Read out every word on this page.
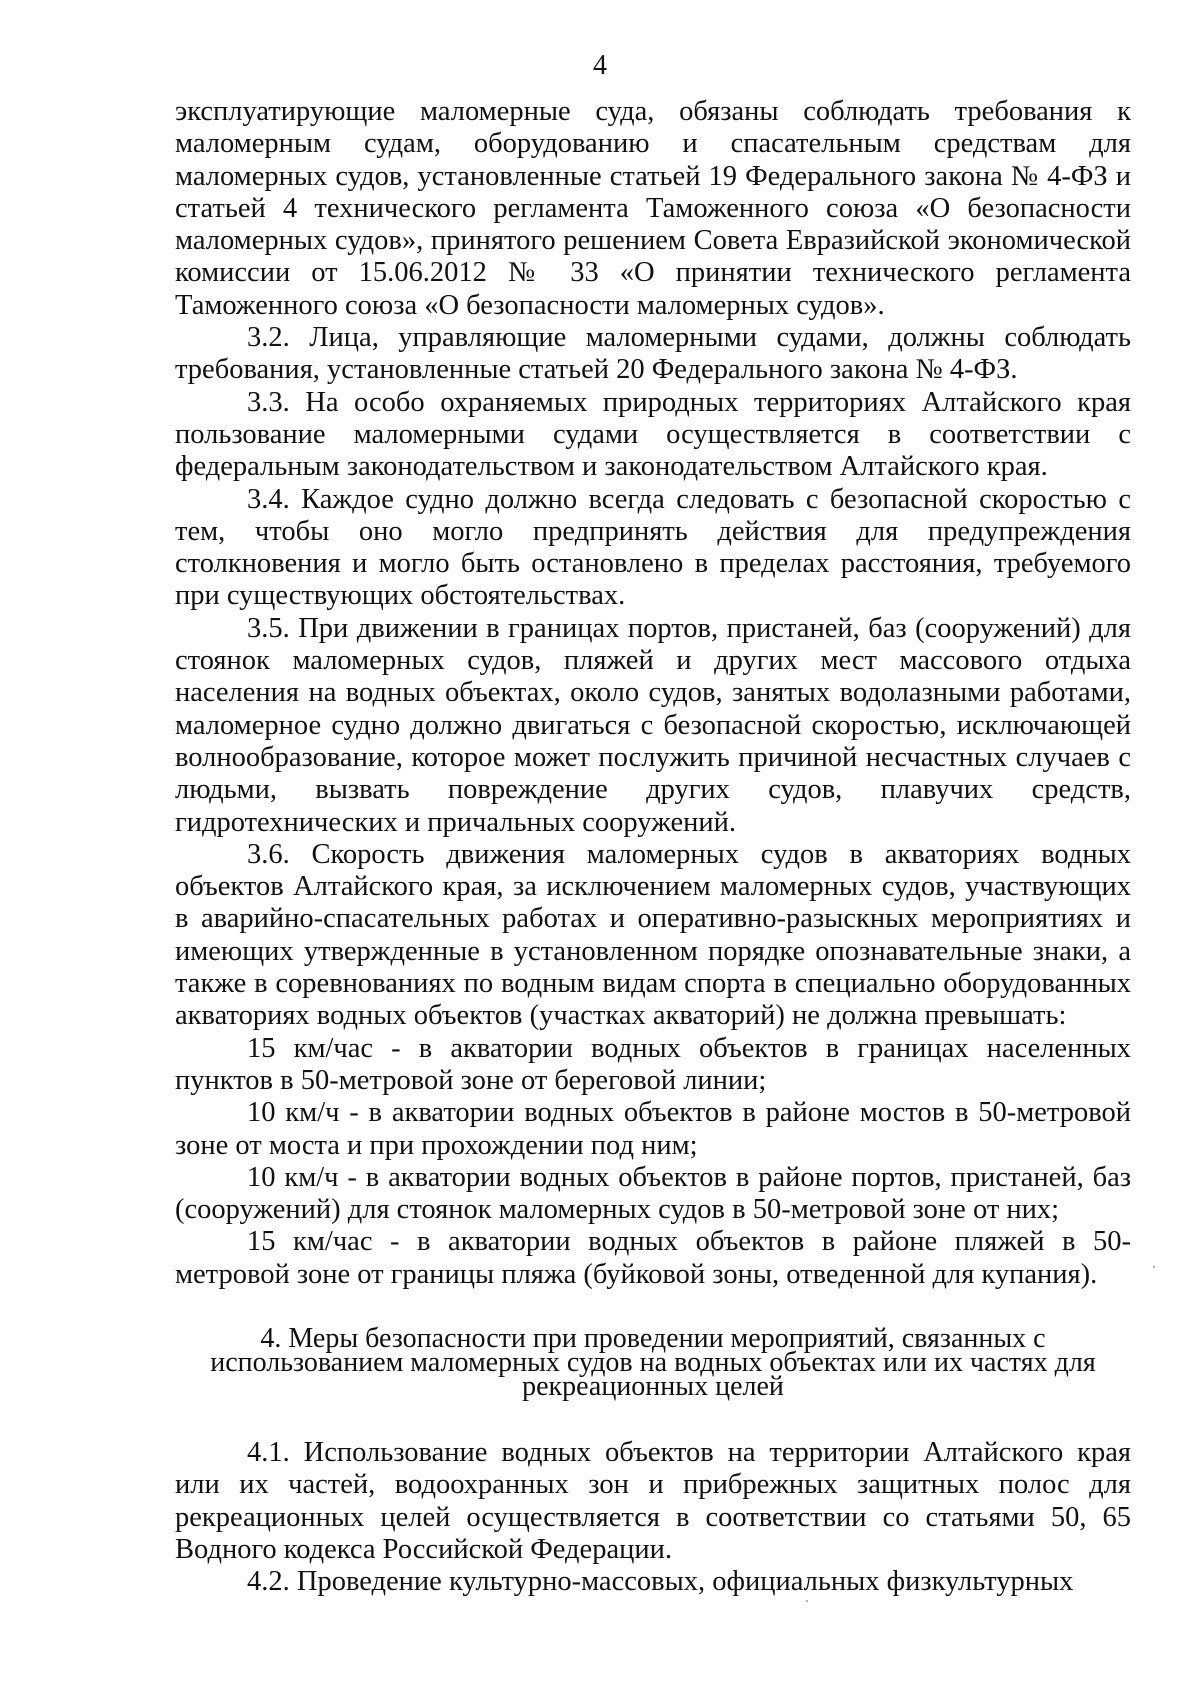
4

эксплуатирующие маломерные суда, обязаны соблюдать требования к маломерным судам, оборудованию и спасательным средствам для маломерных судов, установленные статьей 19 Федерального закона № 4-ФЗ и статьей 4 технического регламента Таможенного союза «О безопасности маломерных судов», принятого решением Совета Евразийской экономической комиссии от 15.06.2012 № 33 «О принятии технического регламента Таможенного союза «О безопасности маломерных судов».

3.2. Лица, управляющие маломерными судами, должны соблюдать требования, установленные статьей 20 Федерального закона № 4-ФЗ.

3.3. На особо охраняемых природных территориях Алтайского края пользование маломерными судами осуществляется в соответствии с федеральным законодательством и законодательством Алтайского края.

3.4. Каждое судно должно всегда следовать с безопасной скоростью с тем, чтобы оно могло предпринять действия для предупреждения столкновения и могло быть остановлено в пределах расстояния, требуемого при существующих обстоятельствах.

3.5. При движении в границах портов, пристаней, баз (сооружений) для стоянок маломерных судов, пляжей и других мест массового отдыха населения на водных объектах, около судов, занятых водолазными работами, маломерное судно должно двигаться с безопасной скоростью, исключающей волнообразование, которое может послужить причиной несчастных случаев с людьми, вызвать повреждение других судов, плавучих средств, гидротехнических и причальных сооружений.

3.6. Скорость движения маломерных судов в акваториях водных объектов Алтайского края, за исключением маломерных судов, участвующих в аварийно-спасательных работах и оперативно-разыскных мероприятиях и имеющих утвержденные в установленном порядке опознавательные знаки, а также в соревнованиях по водным видам спорта в специально оборудованных акваториях водных объектов (участках акваторий) не должна превышать:

15 км/час - в акватории водных объектов в границах населенных пунктов в 50-метровой зоне от береговой линии;

10 км/ч - в акватории водных объектов в районе мостов в 50-метровой зоне от моста и при прохождении под ним;

10 км/ч - в акватории водных объектов в районе портов, пристаней, баз (сооружений) для стоянок маломерных судов в 50-метровой зоне от них;

15 км/час - в акватории водных объектов в районе пляжей в 50-метровой зоне от границы пляжа (буйковой зоны, отведенной для купания).

4. Меры безопасности при проведении мероприятий, связанных с использованием маломерных судов на водных объектах или их частях для рекреационных целей

4.1. Использование водных объектов на территории Алтайского края или их частей, водоохранных зон и прибрежных защитных полос для рекреационных целей осуществляется в соответствии со статьями 50, 65 Водного кодекса Российской Федерации.

4.2. Проведение культурно-массовых, официальных физкультурных
